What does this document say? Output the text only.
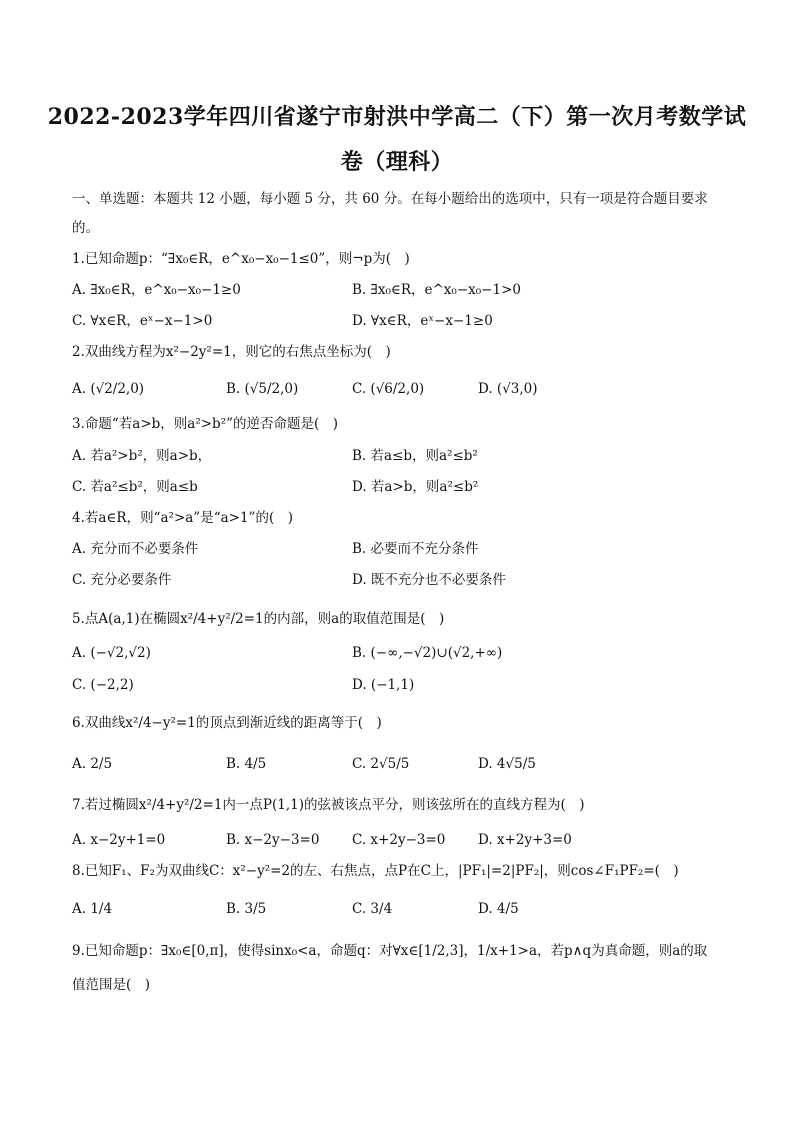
2022-2023学年四川省遂宁市射洪中学高二（下）第一次月考数学试
卷（理科）
一、单选题：本题共 12 小题，每小题 5 分，共 60 分。在每小题给出的选项中，只有一项是符合题目要求
的。
1.已知命题p：“∃x₀∈R，e^x₀−x₀−1≤0”，则¬p为(　)
A. ∃x₀∈R，e^x₀−x₀−1≥0	B. ∃x₀∈R，e^x₀−x₀−1>0
C. ∀x∈R，eˣ−x−1>0	D. ∀x∈R，eˣ−x−1≥0
2.双曲线方程为x²−2y²=1，则它的右焦点坐标为(　)
A. (√2/2,0)	B. (√5/2,0)	C. (√6/2,0)	D. (√3,0)
3.命题“若a>b，则a²>b²”的逆否命题是(　)
A. 若a²>b²，则a>b，	B. 若a≤b，则a²≤b²
C. 若a²≤b²，则a≤b	D. 若a>b，则a²≤b²
4.若a∈R，则“a²>a”是“a>1”的(　)
A. 充分而不必要条件	B. 必要而不充分条件
C. 充分必要条件	D. 既不充分也不必要条件
5.点A(a,1)在椭圆x²/4+y²/2=1的内部，则a的取值范围是(　)
A. (−√2,√2)	B. (−∞,−√2)∪(√2,+∞)
C. (−2,2)	D. (−1,1)
6.双曲线x²/4−y²=1的顶点到渐近线的距离等于(　)
A. 2/5	B. 4/5	C. 2√5/5	D. 4√5/5
7.若过椭圆x²/4+y²/2=1内一点P(1,1)的弦被该点平分，则该弦所在的直线方程为(　)
A. x−2y+1=0	B. x−2y−3=0 C. x+2y−3=0 D. x+2y+3=0
8.已知F₁、F₂为双曲线C：x²−y²=2的左、右焦点，点P在C上，|PF₁|=2|PF₂|，则cos∠F₁PF₂=(　)
A. 1/4	B. 3/5	C. 3/4	D. 4/5
9.已知命题p：∃x₀∈[0,π]，使得sinx₀<a，命题q：对∀x∈[1/2,3]，1/x+1>a，若p∧q为真命题，则a的取
值范围是(　)
